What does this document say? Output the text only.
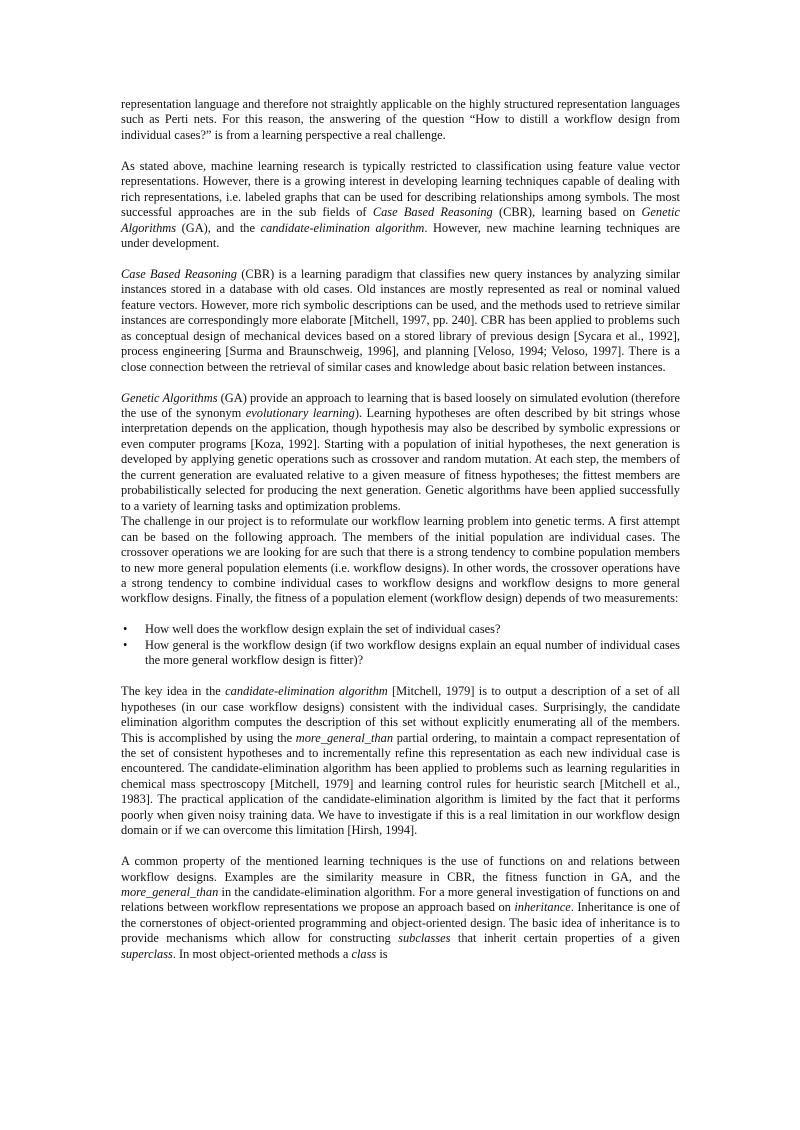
representation language and therefore not straightly applicable on the highly structured representation languages such as Perti nets. For this reason, the answering of the question “How to distill a workflow design from individual cases?” is from a learning perspective a real challenge.

As stated above, machine learning research is typically restricted to classification using feature value vector representations. However, there is a growing interest in developing learning techniques capable of dealing with rich representations, i.e. labeled graphs that can be used for describing relationships among symbols. The most successful approaches are in the sub fields of Case Based Reasoning (CBR), learning based on Genetic Algorithms (GA), and the candidate-elimination algorithm. However, new machine learning techniques are under development.

Case Based Reasoning (CBR) is a learning paradigm that classifies new query instances by analyzing similar instances stored in a database with old cases. Old instances are mostly represented as real or nominal valued feature vectors. However, more rich symbolic descriptions can be used, and the methods used to retrieve similar instances are correspondingly more elaborate [Mitchell, 1997, pp. 240]. CBR has been applied to problems such as conceptual design of mechanical devices based on a stored library of previous design [Sycara et al., 1992], process engineering [Surma and Braunschweig, 1996], and planning [Veloso, 1994; Veloso, 1997]. There is a close connection between the retrieval of similar cases and knowledge about basic relation between instances.

Genetic Algorithms (GA) provide an approach to learning that is based loosely on simulated evolution (therefore the use of the synonym evolutionary learning). Learning hypotheses are often described by bit strings whose interpretation depends on the application, though hypothesis may also be described by symbolic expressions or even computer programs [Koza, 1992]. Starting with a population of initial hypotheses, the next generation is developed by applying genetic operations such as crossover and random mutation. At each step, the members of the current generation are evaluated relative to a given measure of fitness hypotheses; the fittest members are probabilistically selected for producing the next generation. Genetic algorithms have been applied successfully to a variety of learning tasks and optimization problems.

The challenge in our project is to reformulate our workflow learning problem into genetic terms. A first attempt can be based on the following approach. The members of the initial population are individual cases. The crossover operations we are looking for are such that there is a strong tendency to combine population members to new more general population elements (i.e. workflow designs). In other words, the crossover operations have a strong tendency to combine individual cases to workflow designs and workflow designs to more general workflow designs. Finally, the fitness of a population element (workflow design) depends of two measurements:

• How well does the workflow design explain the set of individual cases?
• How general is the workflow design (if two workflow designs explain an equal number of individual cases the more general workflow design is fitter)?

The key idea in the candidate-elimination algorithm [Mitchell, 1979] is to output a description of a set of all hypotheses (in our case workflow designs) consistent with the individual cases. Surprisingly, the candidate elimination algorithm computes the description of this set without explicitly enumerating all of the members. This is accomplished by using the more_general_than partial ordering, to maintain a compact representation of the set of consistent hypotheses and to incrementally refine this representation as each new individual case is encountered. The candidate-elimination algorithm has been applied to problems such as learning regularities in chemical mass spectroscopy [Mitchell, 1979] and learning control rules for heuristic search [Mitchell et al., 1983]. The practical application of the candidate-elimination algorithm is limited by the fact that it performs poorly when given noisy training data. We have to investigate if this is a real limitation in our workflow design domain or if we can overcome this limitation [Hirsh, 1994].

A common property of the mentioned learning techniques is the use of functions on and relations between workflow designs. Examples are the similarity measure in CBR, the fitness function in GA, and the more_general_than in the candidate-elimination algorithm. For a more general investigation of functions on and relations between workflow representations we propose an approach based on inheritance. Inheritance is one of the cornerstones of object-oriented programming and object-oriented design. The basic idea of inheritance is to provide mechanisms which allow for constructing subclasses that inherit certain properties of a given superclass. In most object-oriented methods a class is
